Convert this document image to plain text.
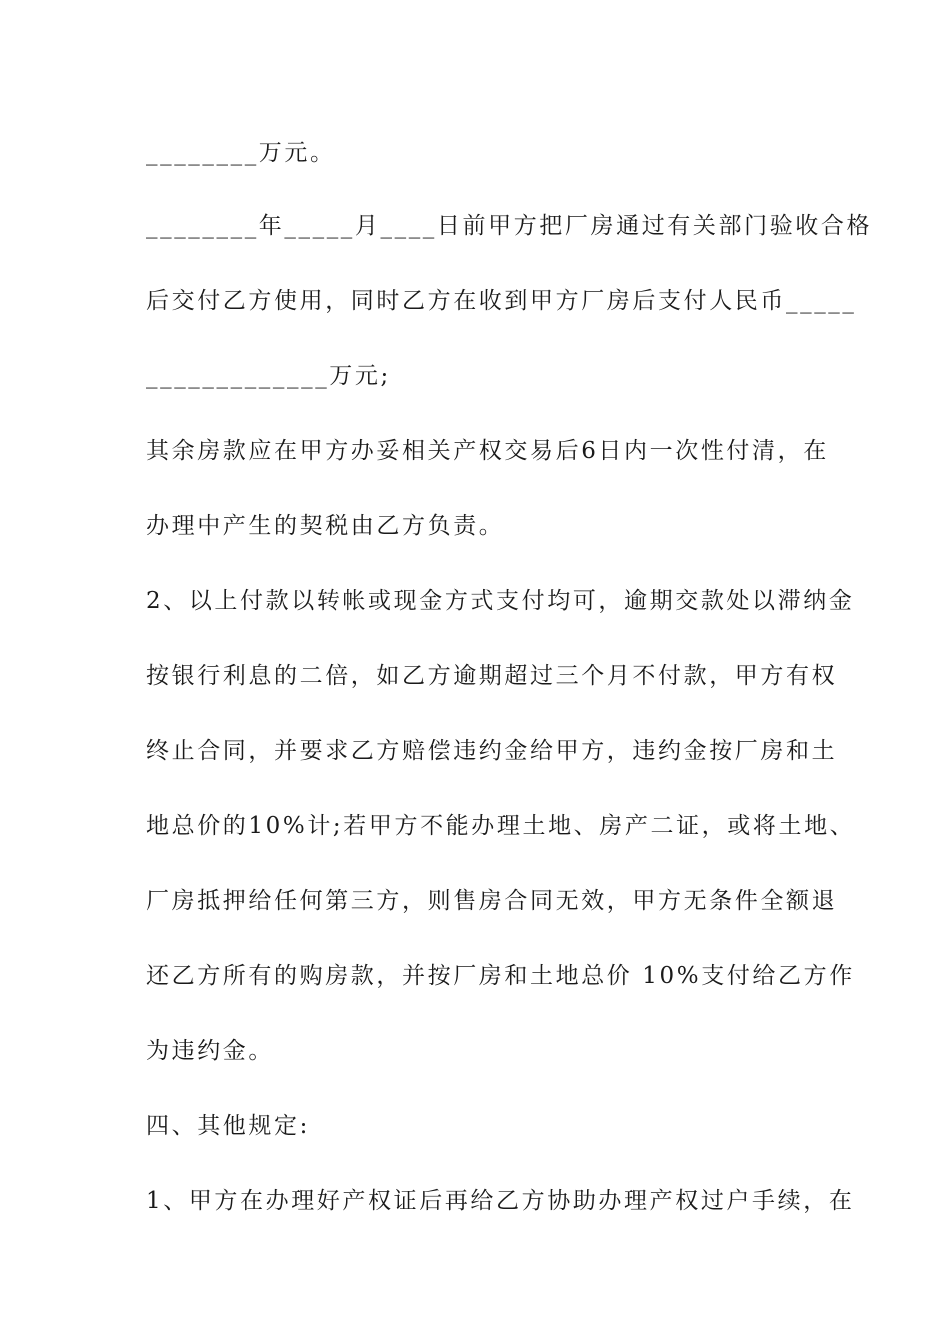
________万元。
________年_____月____日前甲方把厂房通过有关部门验收合格
后交付乙方使用，同时乙方在收到甲方厂房后支付人民币_____
_____________万元;
其余房款应在甲方办妥相关产权交易后6日内一次性付清，在
办理中产生的契税由乙方负责。
2、以上付款以转帐或现金方式支付均可，逾期交款处以滞纳金
按银行利息的二倍，如乙方逾期超过三个月不付款，甲方有权
终止合同，并要求乙方赔偿违约金给甲方，违约金按厂房和土
地总价的10%计;若甲方不能办理土地、房产二证，或将土地、
厂房抵押给任何第三方，则售房合同无效，甲方无条件全额退
还乙方所有的购房款，并按厂房和土地总价 10%支付给乙方作
为违约金。
四、其他规定:
1、甲方在办理好产权证后再给乙方协助办理产权过户手续，在
